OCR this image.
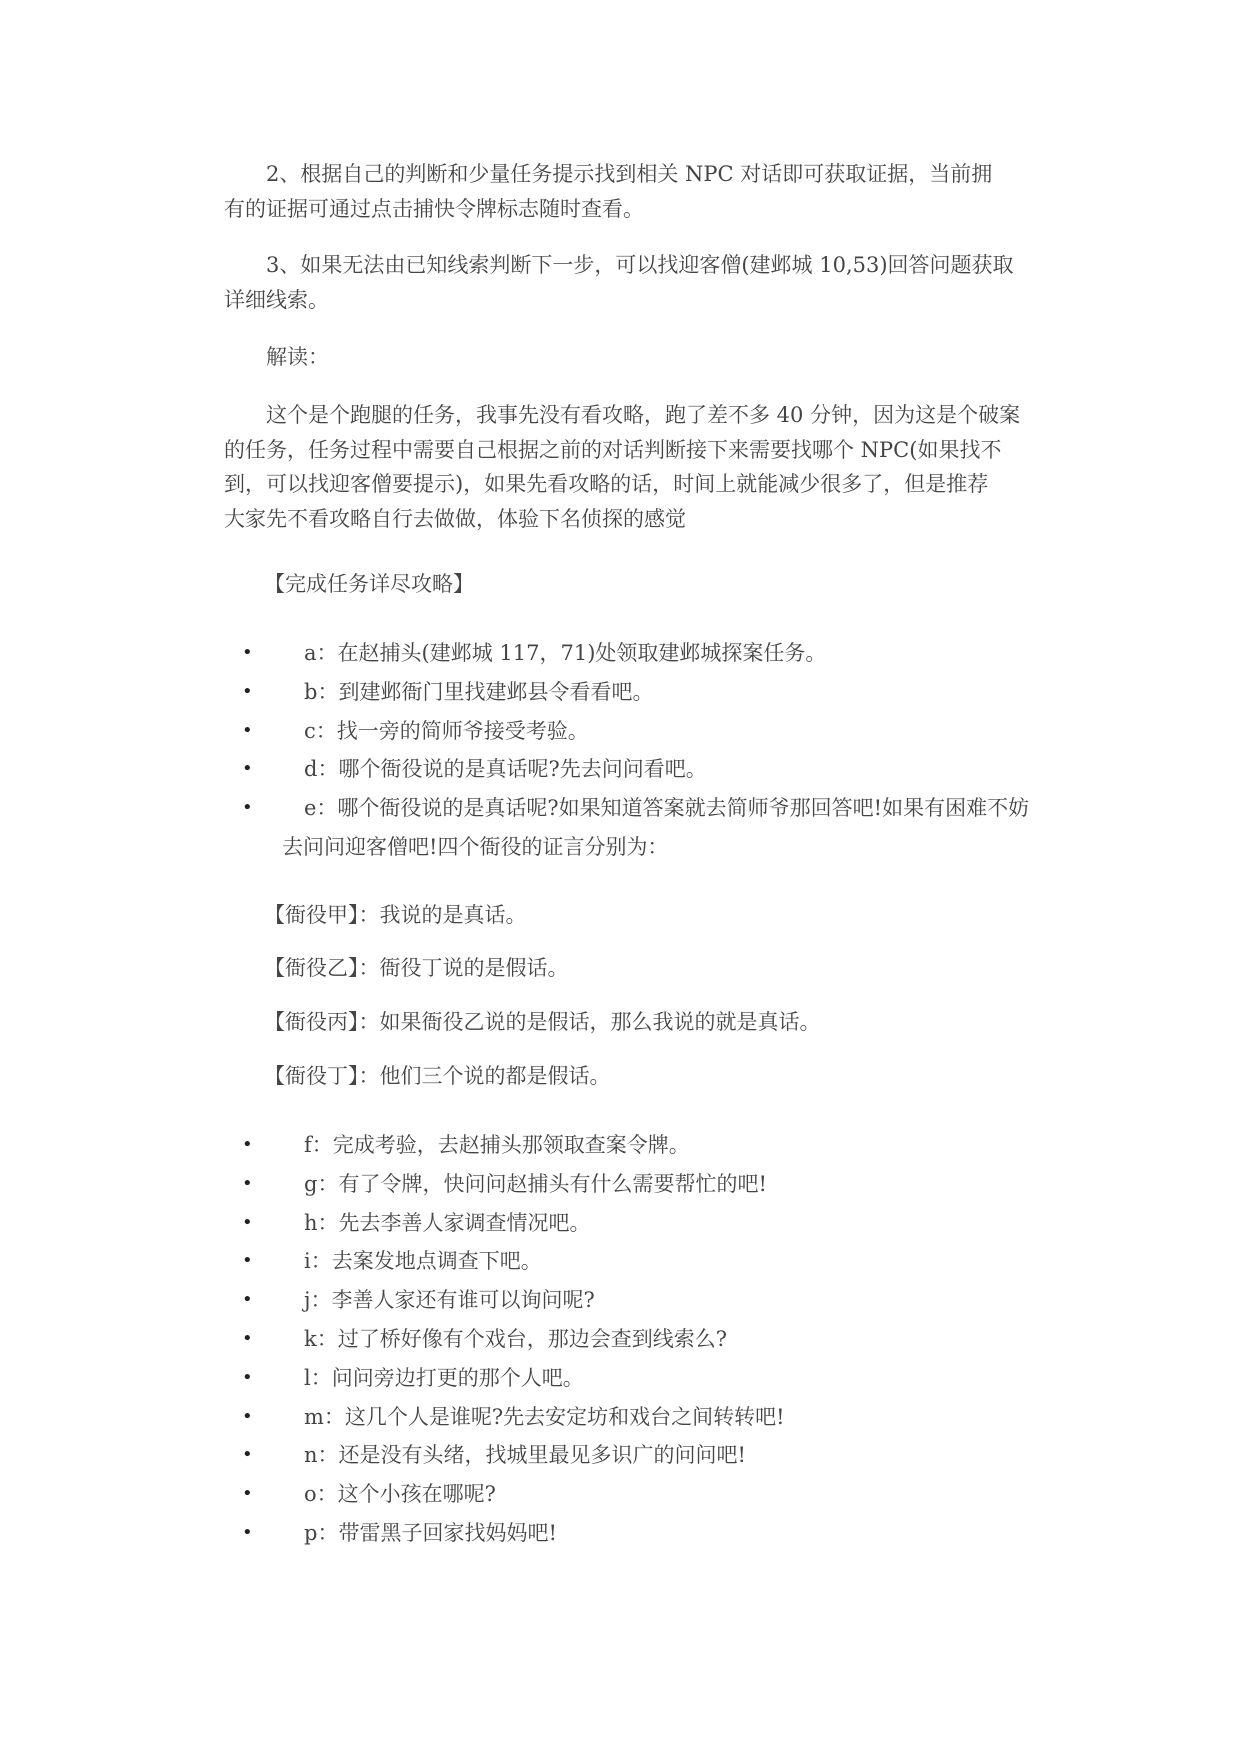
2、根据自己的判断和少量任务提示找到相关 NPC 对话即可获取证据，当前拥
有的证据可通过点击捕快令牌标志随时查看。

3、如果无法由已知线索判断下一步，可以找迎客僧(建邺城 10,53)回答问题获取
详细线索。

解读：

这个是个跑腿的任务，我事先没有看攻略，跑了差不多 40 分钟，因为这是个破案
的任务，任务过程中需要自己根据之前的对话判断接下来需要找哪个 NPC(如果找不
到，可以找迎客僧要提示)，如果先看攻略的话，时间上就能减少很多了，但是推荐
大家先不看攻略自行去做做，体验下名侦探的感觉

【完成任务详尽攻略】

• a：在赵捕头(建邺城 117，71)处领取建邺城探案任务。
• b：到建邺衙门里找建邺县令看看吧。
• c：找一旁的简师爷接受考验。
• d：哪个衙役说的是真话呢?先去问问看吧。
• e：哪个衙役说的是真话呢?如果知道答案就去简师爷那回答吧!如果有困难不妨
去问问迎客僧吧!四个衙役的证言分别为：

【衙役甲】：我说的是真话。

【衙役乙】：衙役丁说的是假话。

【衙役丙】：如果衙役乙说的是假话，那么我说的就是真话。

【衙役丁】：他们三个说的都是假话。

• f：完成考验，去赵捕头那领取查案令牌。
• g：有了令牌，快问问赵捕头有什么需要帮忙的吧!
• h：先去李善人家调查情况吧。
• i：去案发地点调查下吧。
• j：李善人家还有谁可以询问呢?
• k：过了桥好像有个戏台，那边会查到线索么?
• l：问问旁边打更的那个人吧。
• m：这几个人是谁呢?先去安定坊和戏台之间转转吧!
• n：还是没有头绪，找城里最见多识广的问问吧!
• o：这个小孩在哪呢?
• p：带雷黑子回家找妈妈吧!
